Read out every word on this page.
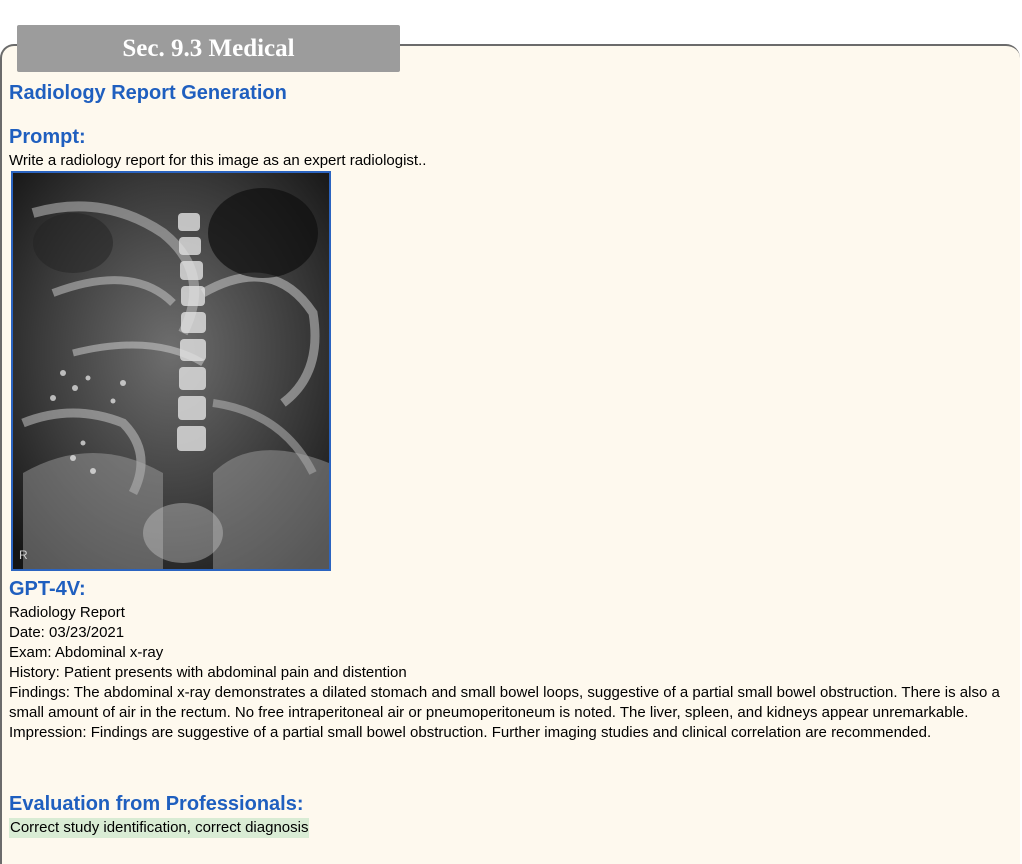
Sec. 9.3 Medical
Radiology Report Generation
Prompt:
Write a radiology report for this image as an expert radiologist..
R
GPT-4V:
Radiology Report
Date: 03/23/2021
Exam: Abdominal x-ray
History: Patient presents with abdominal pain and distention
Findings: The abdominal x-ray demonstrates a dilated stomach and small bowel loops, suggestive of a partial small bowel obstruction. There is also a small amount of air in the rectum. No free intraperitoneal air or pneumoperitoneum is noted. The liver, spleen, and kidneys appear unremarkable.
Impression: Findings are suggestive of a partial small bowel obstruction. Further imaging studies and clinical correlation are recommended.
Evaluation from Professionals:
Correct study identification, correct diagnosis
